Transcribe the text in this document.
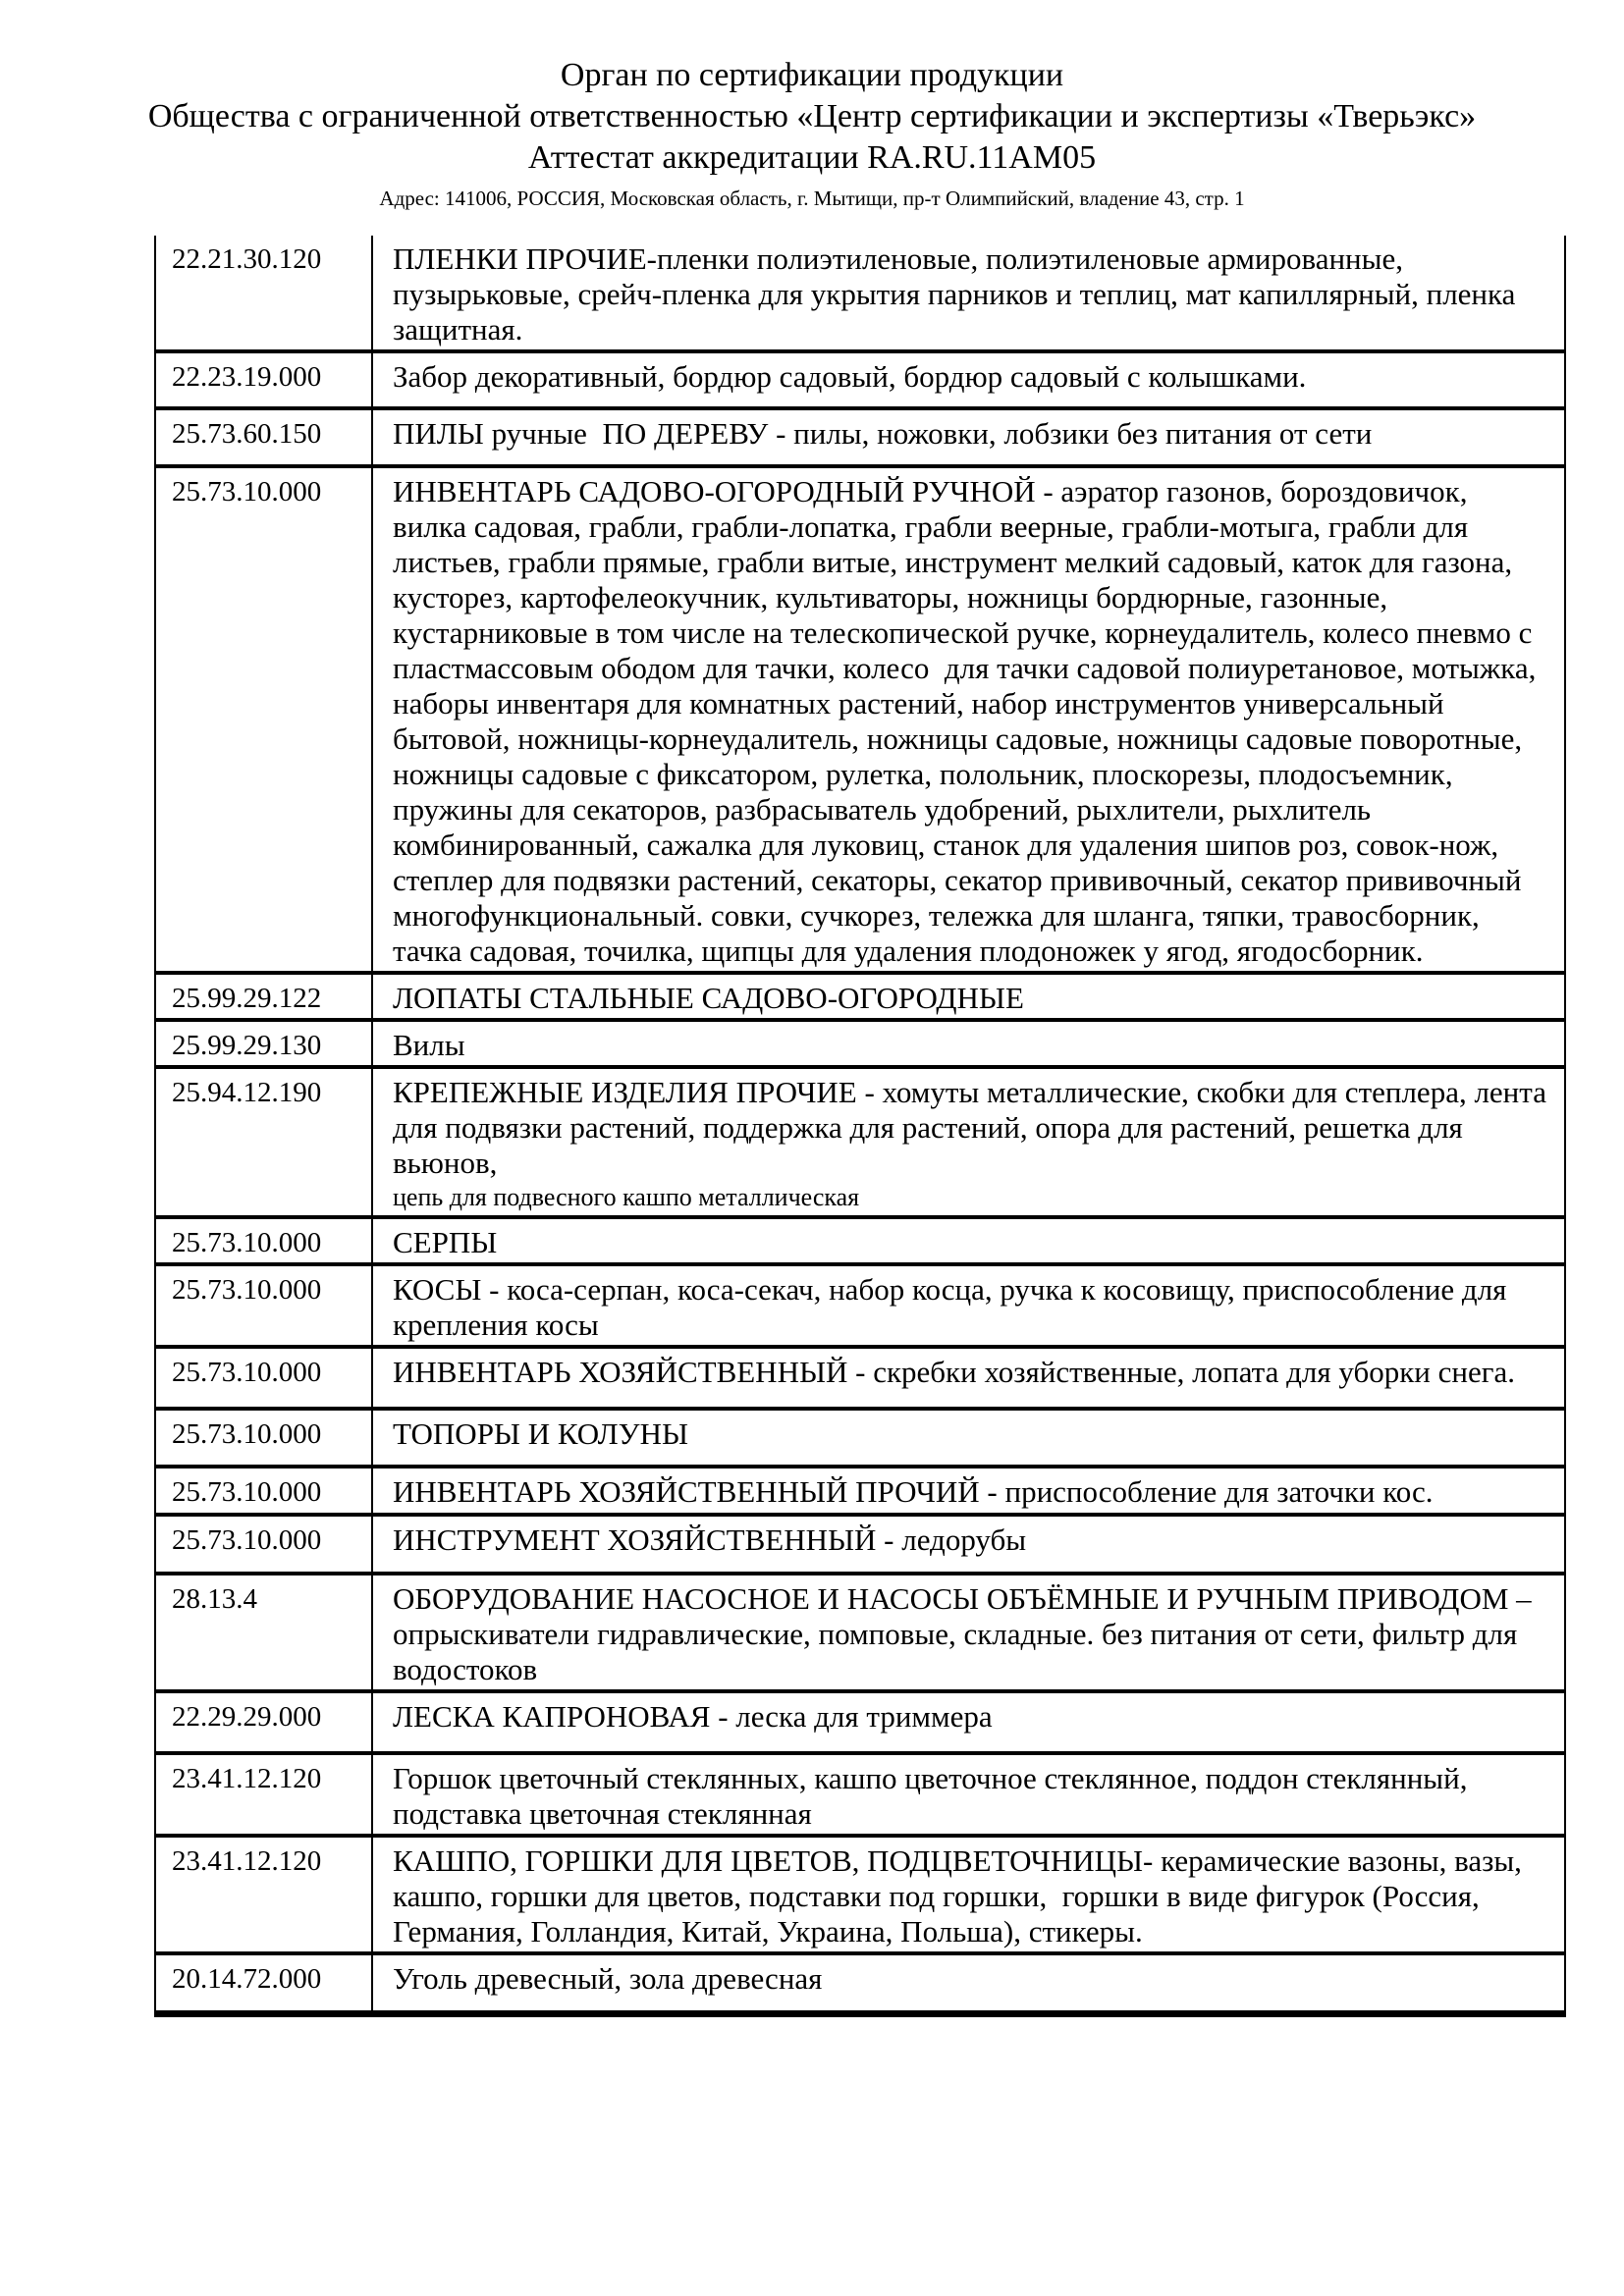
Орган по сертификации продукции
Общества с ограниченной ответственностью «Центр сертификации и экспертизы «Тверьэкс»
Аттестат аккредитации RA.RU.11AM05
Адрес: 141006, РОССИЯ, Московская область, г. Мытищи, пр-т Олимпийский, владение 43, стр. 1
22.21.30.120	ПЛЕНКИ ПРОЧИЕ-пленки полиэтиленовые, полиэтиленовые армированные, пузырьковые, срейч-пленка для укрытия парников и теплиц, мат капиллярный, пленка защитная.
22.23.19.000	Забор декоративный, бордюр садовый, бордюр садовый с колышками.
25.73.60.150	ПИЛЫ ручные  ПО ДЕРЕВУ - пилы, ножовки, лобзики без питания от сети
25.73.10.000	ИНВЕНТАРЬ САДОВО-ОГОРОДНЫЙ РУЧНОЙ - аэратор газонов, бороздовичок, вилка садовая, грабли, грабли-лопатка, грабли веерные, грабли-мотыга, грабли для листьев, грабли прямые, грабли витые, инструмент мелкий садовый, каток для газона, кусторез, картофелеокучник, культиваторы, ножницы бордюрные, газонные, кустарниковые в том числе на телескопической ручке, корнеудалитель, колесо пневмо с пластмассовым ободом для тачки, колесо  для тачки садовой полиуретановое, мотыжка, наборы инвентаря для комнатных растений, набор инструментов универсальный бытовой, ножницы-корнеудалитель, ножницы садовые, ножницы садовые поворотные, ножницы садовые с фиксатором, рулетка, полольник, плоскорезы, плодосъемник, пружины для секаторов, разбрасыватель удобрений, рыхлители, рыхлитель комбинированный, сажалка для луковиц, станок для удаления шипов роз, совок-нож, степлер для подвязки растений, секаторы, секатор прививочный, секатор прививочный многофункциональный. совки, сучкорез, тележка для шланга, тяпки, травосборник, тачка садовая, точилка, щипцы для удаления плодоножек у ягод, ягодосборник.
25.99.29.122	ЛОПАТЫ СТАЛЬНЫЕ САДОВО-ОГОРОДНЫЕ
25.99.29.130	Вилы
25.94.12.190	КРЕПЕЖНЫЕ ИЗДЕЛИЯ ПРОЧИЕ - хомуты металлические, скобки для степлера, лента для подвязки растений, поддержка для растений, опора для растений, решетка для вьюнов,
цепь для подвесного кашпо металлическая

25.73.10.000	СЕРПЫ
25.73.10.000	КОСЫ - коса-серпан, коса-секач, набор косца, ручка к косовищу, приспособление для крепления косы
25.73.10.000	ИНВЕНТАРЬ ХОЗЯЙСТВЕННЫЙ - скребки хозяйственные, лопата для уборки снега.
25.73.10.000	ТОПОРЫ И КОЛУНЫ
25.73.10.000	ИНВЕНТАРЬ ХОЗЯЙСТВЕННЫЙ ПРОЧИЙ - приспособление для заточки кос.
25.73.10.000	ИНСТРУМЕНТ ХОЗЯЙСТВЕННЫЙ - ледорубы
28.13.4	ОБОРУДОВАНИЕ НАСОСНОЕ И НАСОСЫ ОБЪЁМНЫЕ И РУЧНЫМ ПРИВОДОМ – опрыскиватели гидравлические, помповые, складные. без питания от сети, фильтр для водостоков
22.29.29.000	ЛЕСКА КАПРОНОВАЯ - леска для триммера
23.41.12.120	Горшок цветочный стеклянных, кашпо цветочное стеклянное, поддон стеклянный, подставка цветочная стеклянная
23.41.12.120	КАШПО, ГОРШКИ ДЛЯ ЦВЕТОВ, ПОДЦВЕТОЧНИЦЫ- керамические вазоны, вазы, кашпо, горшки для цветов, подставки под горшки,  горшки в виде фигурок (Россия, Германия, Голландия, Китай, Украина, Польша), стикеры.
20.14.72.000	Уголь древесный, зола древесная
